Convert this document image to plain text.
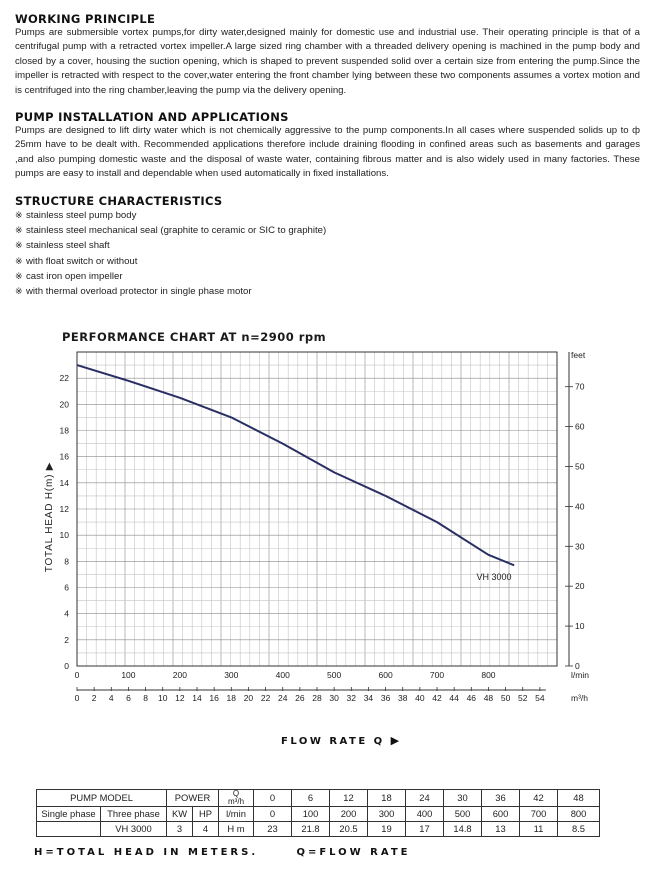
WORKING PRINCIPLE

Pumps are submersible vortex pumps,for dirty water,designed mainly for domestic use and industrial use. Their operating principle is that of a centrifugal pump with a retracted vortex impeller.A large sized ring chamber with a threaded delivery opening is machined in the pump body and closed by a cover, housing the suction opening, which is shaped to prevent suspended solid over a certain size from entering the pump.Since the impeller is retracted with respect to the cover,water entering the front chamber lying between these two components assumes a vortex motion and is centrifuged into the ring chamber,leaving the pump via the delivery opening.

PUMP INSTALLATION AND APPLICATIONS

Pumps are designed to lift dirty water which is not chemically aggressive to the pump components.In all cases where suspended solids up to ф 25mm have to be dealt with. Recommended applications therefore include draining flooding in confined areas such as basements and garages ,and also pumping domestic waste and the disposal of waste water, containing fibrous matter and is also widely used in many factories. These pumps are easy to install and dependable when used automatically in fixed installations.

STRUCTURE CHARACTERISTICS
※ stainless steel pump body
※ stainless steel mechanical seal (graphite to ceramic or SIC to graphite)
※ stainless steel shaft
※ with float switch or without
※ cast iron open impeller
※ with thermal overload protector in single phase motor
PERFORMANCE CHART AT n=2900 rpm
0
2
4
6
8
10
12
14
16
18
20
22
TOTAL HEAD H(m) ▶
feet
0
10
20
30
40
50
60
70
0	100	200	300	400	500	600	700	800	l/min
0 2 4 6 8 10 12 14 16 18 20 22 24 26 28 30 32 34 36 38 40 42 44 46 48 50 52 54	m³/h
VH 3000
FLOW RATE Q ▶
PUMP MODEL		POWER		Q
m³/h	0	6	12	18	24	30	36	42	48
Single phase	Three phase	KW	HP	l/min	0	100	200	300	400	500	600	700	800
	VH 3000	3	4	H m	23	21.8	20.5	19	17	14.8	13	11	8.5
H=TOTAL HEAD IN METERS.	Q=FLOW RATE
